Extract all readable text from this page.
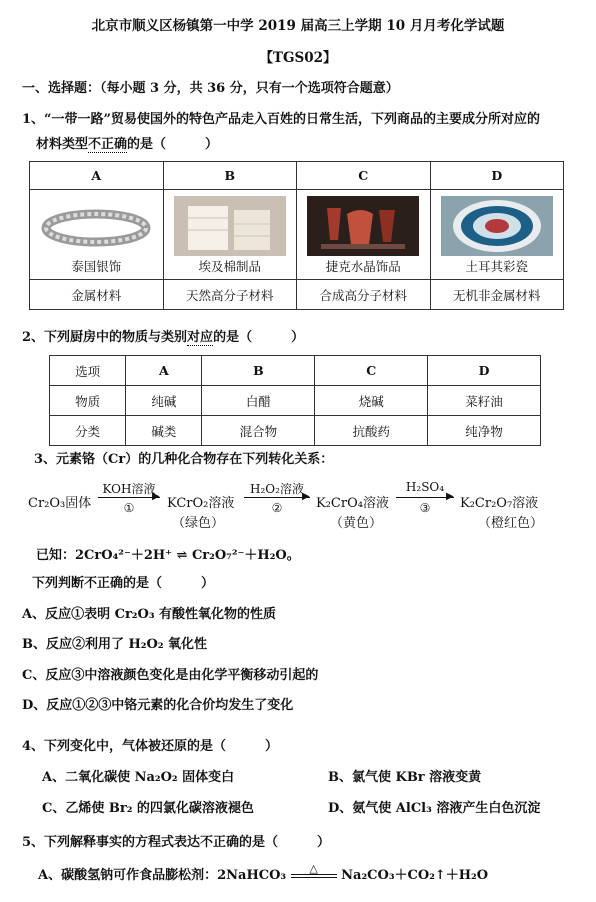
北京市顺义区杨镇第一中学 2019 届高三上学期 10 月月考化学试题
【TGS02】
一、选择题：（每小题 3 分，共 36 分，只有一个选项符合题意）
1、“一带一路”贸易使国外的特色产品走入百姓的日常生活，下列商品的主要成分所对应的
材料类型不正确的是（　　　）
A	B	C	D

泰国银饰	埃及棉制品	捷克水晶饰品	土耳其彩瓷

金属材料	天然高分子材料	合成高分子材料	无机非金属材料
2、下列厨房中的物质与类别对应的是（　　　）
选项	A	B	C	D
物质	纯碱	白醋	烧碱	菜籽油
分类	碱类	混合物	抗酸药	纯净物
3、元素铬（Cr）的几种化合物存在下列转化关系：
Cr₂O₃固体
KOH溶液
▶
①	KCrO₂溶液
（绿色）
H₂O₂溶液
▶
②	K₂CrO₄溶液
（黄色）
H₂SO₄
▶
③	K₂Cr₂O₇溶液
（橙红色）
已知：2CrO₄²⁻＋2H⁺ ⇌ Cr₂O₇²⁻＋H₂O。
下列判断不正确的是（　　　）
A、反应①表明 Cr₂O₃ 有酸性氧化物的性质
B、反应②利用了 H₂O₂ 氧化性
C、反应③中溶液颜色变化是由化学平衡移动引起的
D、反应①②③中铬元素的化合价均发生了变化
4、下列变化中，气体被还原的是（　　　）
A、二氧化碳使 Na₂O₂ 固体变白	B、氯气使 KBr 溶液变黄
C、乙烯使 Br₂ 的四氯化碳溶液褪色	D、氨气使 AlCl₃ 溶液产生白色沉淀
5、下列解释事实的方程式表达不正确的是（　　　）
A、碳酸氢钠可作食品膨松剂：2NaHCO₃	△	Na₂CO₃＋CO₂↑＋H₂O
